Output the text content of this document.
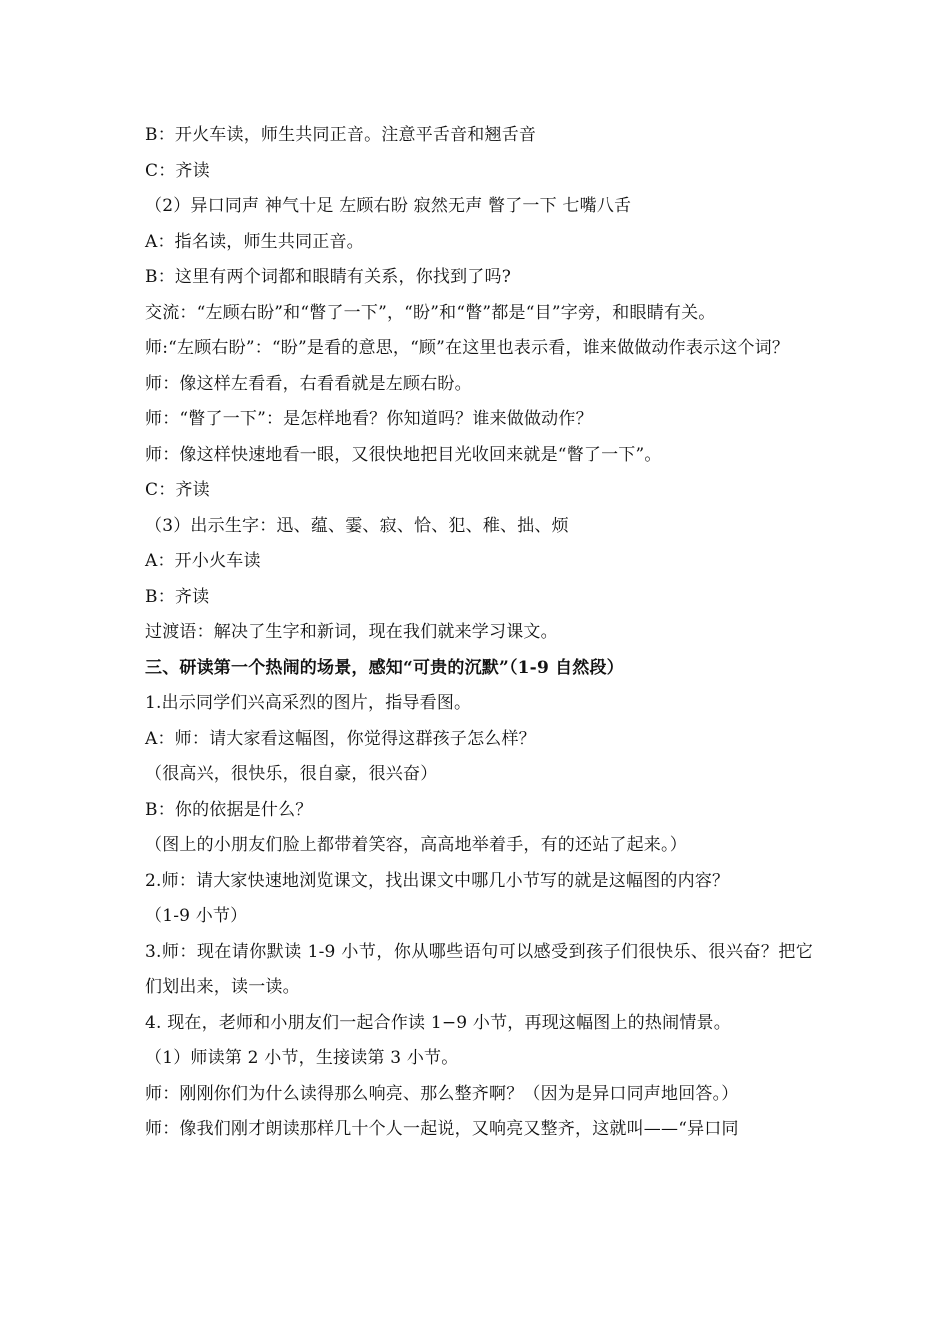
B：开火车读，师生共同正音。注意平舌音和翘舌音
C：齐读
（2）异口同声 神气十足 左顾右盼 寂然无声 瞥了一下 七嘴八舌
A：指名读，师生共同正音。
B：这里有两个词都和眼睛有关系，你找到了吗?
交流：“左顾右盼”和“瞥了一下”，“盼”和“瞥”都是“目”字旁，和眼睛有关。
师:“左顾右盼”：“盼”是看的意思，“顾”在这里也表示看，谁来做做动作表示这个词？
师：像这样左看看，右看看就是左顾右盼。
师：“瞥了一下”：是怎样地看？你知道吗？谁来做做动作？
师：像这样快速地看一眼，又很快地把目光收回来就是“瞥了一下”。
C：齐读
（3）出示生字：迅、蕴、霎、寂、恰、犯、稚、拙、烦
A：开小火车读
B：齐读
过渡语：解决了生字和新词，现在我们就来学习课文。
三、研读第一个热闹的场景，感知“可贵的沉默”（1-9 自然段）
1.出示同学们兴高采烈的图片，指导看图。
A：师：请大家看这幅图，你觉得这群孩子怎么样？
（很高兴，很快乐，很自豪，很兴奋）
B：你的依据是什么？
（图上的小朋友们脸上都带着笑容，高高地举着手，有的还站了起来。）
2.师：请大家快速地浏览课文，找出课文中哪几小节写的就是这幅图的内容？
（1-9 小节）
3.师：现在请你默读 1-9 小节，你从哪些语句可以感受到孩子们很快乐、很兴奋？把它们划出来，读一读。
4. 现在，老师和小朋友们一起合作读 1−9 小节，再现这幅图上的热闹情景。
（1）师读第 2 小节，生接读第 3 小节。
师：刚刚你们为什么读得那么响亮、那么整齐啊？（因为是异口同声地回答。）
师：像我们刚才朗读那样几十个人一起说，又响亮又整齐，这就叫——“异口同
